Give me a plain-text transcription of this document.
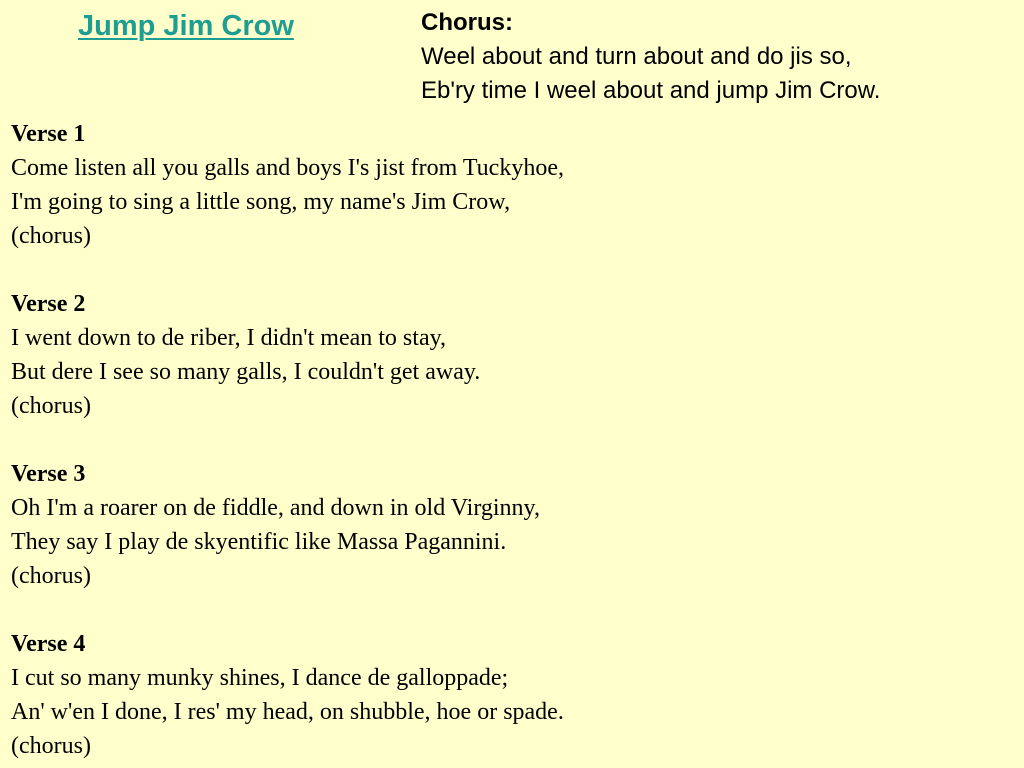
Jump Jim Crow	Chorus:
Weel about and turn about and do jis so,
Eb'ry time I weel about and jump Jim Crow.
Verse 1
Come listen all you galls and boys I's jist from Tuckyhoe,
I'm going to sing a little song, my name's Jim Crow,
(chorus)
Verse 2
I went down to de riber, I didn't mean to stay,
But dere I see so many galls, I couldn't get away.
(chorus)
Verse 3
Oh I'm a roarer on de fiddle, and down in old Virginny,
They say I play de skyentific like Massa Pagannini.
(chorus)
Verse 4
I cut so many munky shines, I dance de galloppade;
An' w'en I done, I res' my head, on shubble, hoe or spade.
(chorus)
